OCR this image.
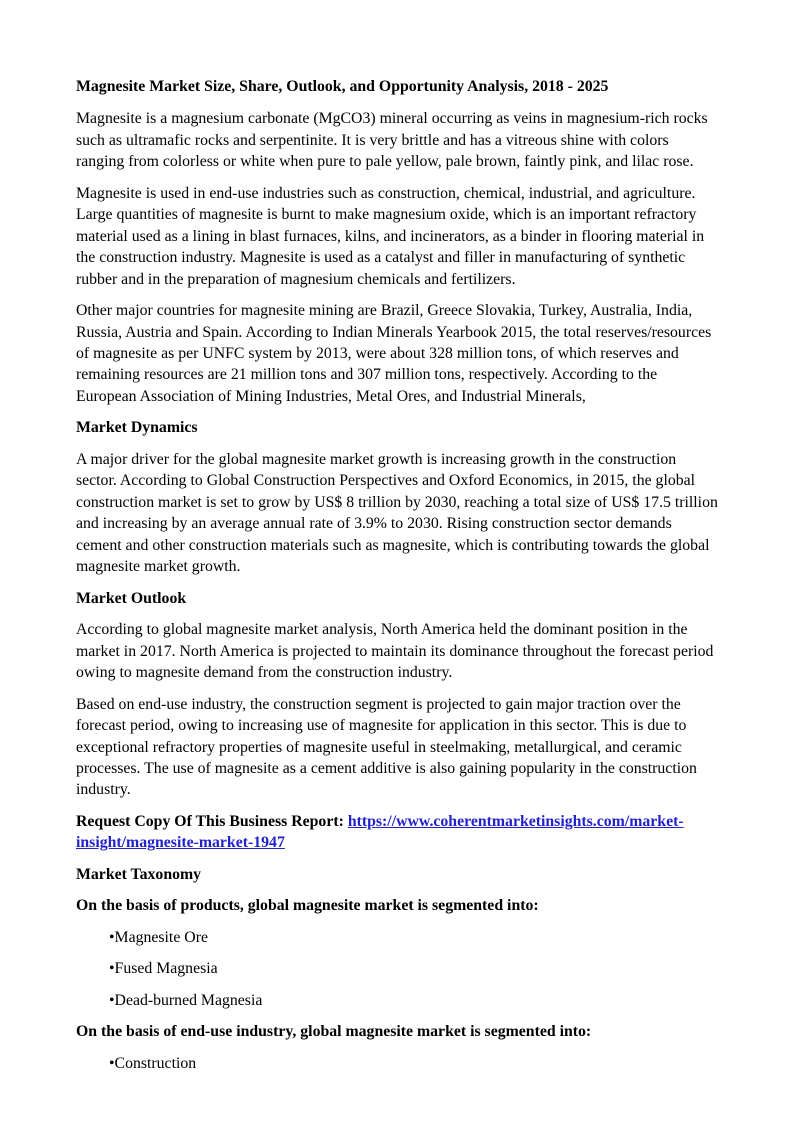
Magnesite Market Size, Share, Outlook, and Opportunity Analysis, 2018 - 2025

Magnesite is a magnesium carbonate (MgCO3) mineral occurring as veins in magnesium-rich rocks such as ultramafic rocks and serpentinite. It is very brittle and has a vitreous shine with colors ranging from colorless or white when pure to pale yellow, pale brown, faintly pink, and lilac rose.

Magnesite is used in end-use industries such as construction, chemical, industrial, and agriculture. Large quantities of magnesite is burnt to make magnesium oxide, which is an important refractory material used as a lining in blast furnaces, kilns, and incinerators, as a binder in flooring material in the construction industry. Magnesite is used as a catalyst and filler in manufacturing of synthetic rubber and in the preparation of magnesium chemicals and fertilizers.

Other major countries for magnesite mining are Brazil, Greece Slovakia, Turkey, Australia, India, Russia, Austria and Spain. According to Indian Minerals Yearbook 2015, the total reserves/resources of magnesite as per UNFC system by 2013, were about 328 million tons, of which reserves and remaining resources are 21 million tons and 307 million tons, respectively. According to the European Association of Mining Industries, Metal Ores, and Industrial Minerals,

Market Dynamics

A major driver for the global magnesite market growth is increasing growth in the construction sector. According to Global Construction Perspectives and Oxford Economics, in 2015, the global construction market is set to grow by US$ 8 trillion by 2030, reaching a total size of US$ 17.5 trillion and increasing by an average annual rate of 3.9% to 2030. Rising construction sector demands cement and other construction materials such as magnesite, which is contributing towards the global magnesite market growth.

Market Outlook

According to global magnesite market analysis, North America held the dominant position in the market in 2017. North America is projected to maintain its dominance throughout the forecast period owing to magnesite demand from the construction industry.

Based on end-use industry, the construction segment is projected to gain major traction over the forecast period, owing to increasing use of magnesite for application in this sector. This is due to exceptional refractory properties of magnesite useful in steelmaking, metallurgical, and ceramic processes. The use of magnesite as a cement additive is also gaining popularity in the construction industry.

Request Copy Of This Business Report: https://www.coherentmarketinsights.com/market-insight/magnesite-market-1947

Market Taxonomy

On the basis of products, global magnesite market is segmented into:

•Magnesite Ore
•Fused Magnesia
•Dead-burned Magnesia

On the basis of end-use industry, global magnesite market is segmented into:

•Construction
